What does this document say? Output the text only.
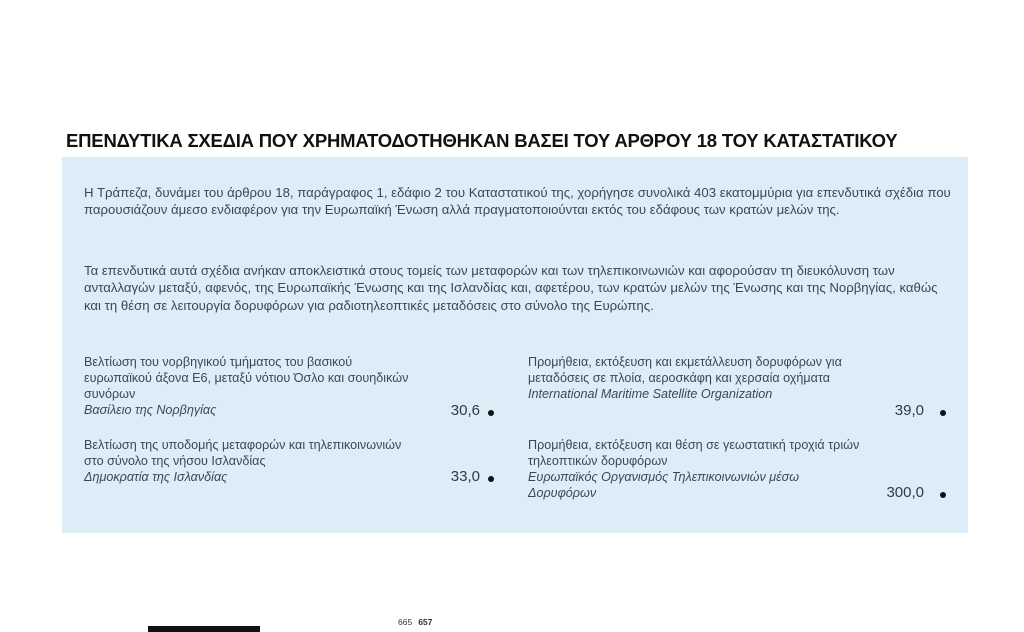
ΕΠΕΝΔΥΤΙΚΑ ΣΧΕΔΙΑ ΠΟΥ ΧΡΗΜΑΤΟΔΟΤΗΘΗΚΑΝ ΒΑΣΕΙ ΤΟΥ ΑΡΘΡΟΥ 18 ΤΟΥ ΚΑΤΑΣΤΑΤΙΚΟΥ
Η Τράπεζα, δυνάμει του άρθρου 18, παράγραφος 1, εδάφιο 2 του Καταστατικού της, χορήγησε συνολικά 403 εκατομμύρια για επενδυτικά σχέδια που παρουσιάζουν άμεσο ενδιαφέρον για την Ευρωπαϊκή Ένωση αλλά πραγματοποιούνται εκτός του εδάφους των κρατών μελών της.
Τα επενδυτικά αυτά σχέδια ανήκαν αποκλειστικά στους τομείς των μεταφορών και των τηλεπικοινωνιών και αφορούσαν τη διευκόλυνση των ανταλλαγών μεταξύ, αφενός, της Ευρωπαϊκής Ένωσης και της Ισλανδίας και, αφετέρου, των κρατών μελών της Ένωσης και της Νορβηγίας, καθώς και τη θέση σε λειτουργία δορυφόρων για ραδιοτηλεοπτικές μεταδόσεις στο σύνολο της Ευρώπης.
Βελτίωση του νορβηγικού τμήματος του βασικού ευρωπαϊκού άξονα E6, μεταξύ νότιου Όσλο και σουηδικών συνόρων
Βασίλειο της Νορβηγίας	30,6
Βελτίωση της υποδομής μεταφορών και τηλεπικοινωνιών στο σύνολο της νήσου Ισλανδίας
Δημοκρατία της Ισλανδίας	33,0
Προμήθεια, εκτόξευση και εκμετάλλευση δορυφόρων για μεταδόσεις σε πλοία, αεροσκάφη και χερσαία οχήματα
International Maritime Satellite Organization
39,0
Προμήθεια, εκτόξευση και θέση σε γεωστατική τροχιά τριών τηλεοπτικών δορυφόρων
Ευρωπαϊκός Οργανισμός Τηλεπικοινωνιών μέσω Δορυφόρων	300,0
665 657
